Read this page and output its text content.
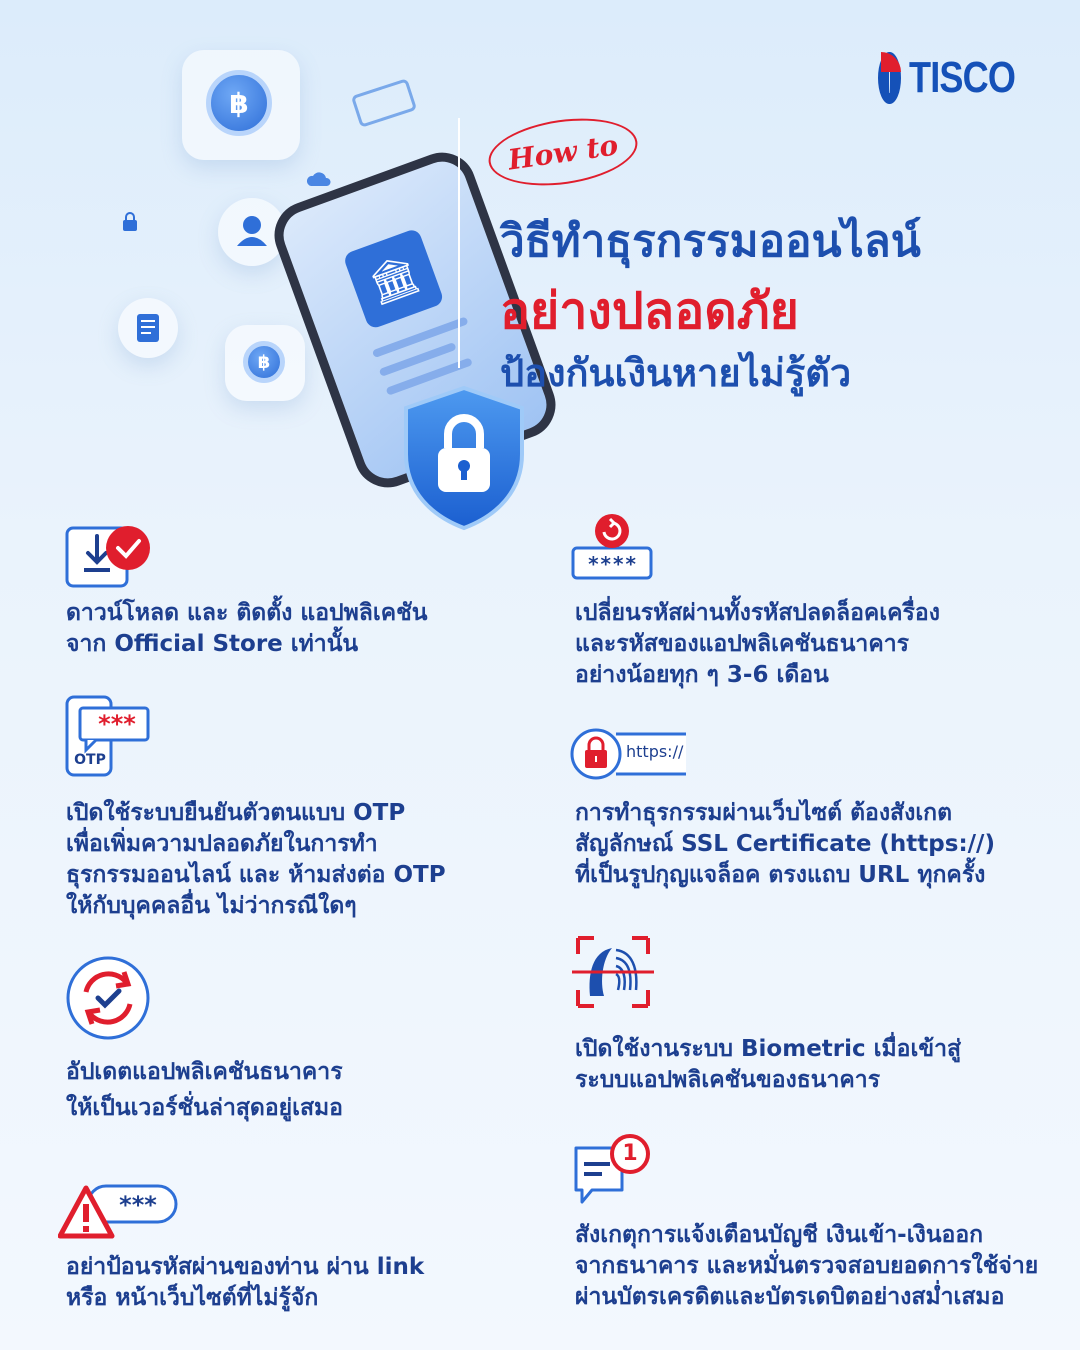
TISCO
฿
฿
🏛
How to
วิธีทำธุรกรรมออนไลน์
อย่างปลอดภัย
ป้องกันเงินหายไม่รู้ตัว
ดาวน์โหลด และ ติดตั้ง แอปพลิเคชัน
จาก Official Store เท่านั้น
***
OTP
เปิดใช้ระบบยืนยันตัวตนแบบ OTP
เพื่อเพิ่มความปลอดภัยในการทำ
ธุรกรรมออนไลน์ และ ห้ามส่งต่อ OTP
ให้กับบุคคลอื่น ไม่ว่ากรณีใดๆ
อัปเดตแอปพลิเคชันธนาคาร
ให้เป็นเวอร์ชั่นล่าสุดอยู่เสมอ
***
อย่าป้อนรหัสผ่านของท่าน ผ่าน link
หรือ หน้าเว็บไซต์ที่ไม่รู้จัก
****
เปลี่ยนรหัสผ่านทั้งรหัสปลดล็อคเครื่อง
และรหัสของแอปพลิเคชันธนาคาร
อย่างน้อยทุก ๆ 3-6 เดือน
https://
การทำธุรกรรมผ่านเว็บไซต์ ต้องสังเกต
สัญลักษณ์ SSL Certificate (https://)
ที่เป็นรูปกุญแจล็อค ตรงแถบ URL ทุกครั้ง
เปิดใช้งานระบบ Biometric เมื่อเข้าสู่
ระบบแอปพลิเคชันของธนาคาร
1
สังเกตุการแจ้งเตือนบัญชี เงินเข้า-เงินออก
จากธนาคาร และหมั่นตรวจสอบยอดการใช้จ่าย
ผ่านบัตรเครดิตและบัตรเดบิตอย่างสม่ำเสมอ
